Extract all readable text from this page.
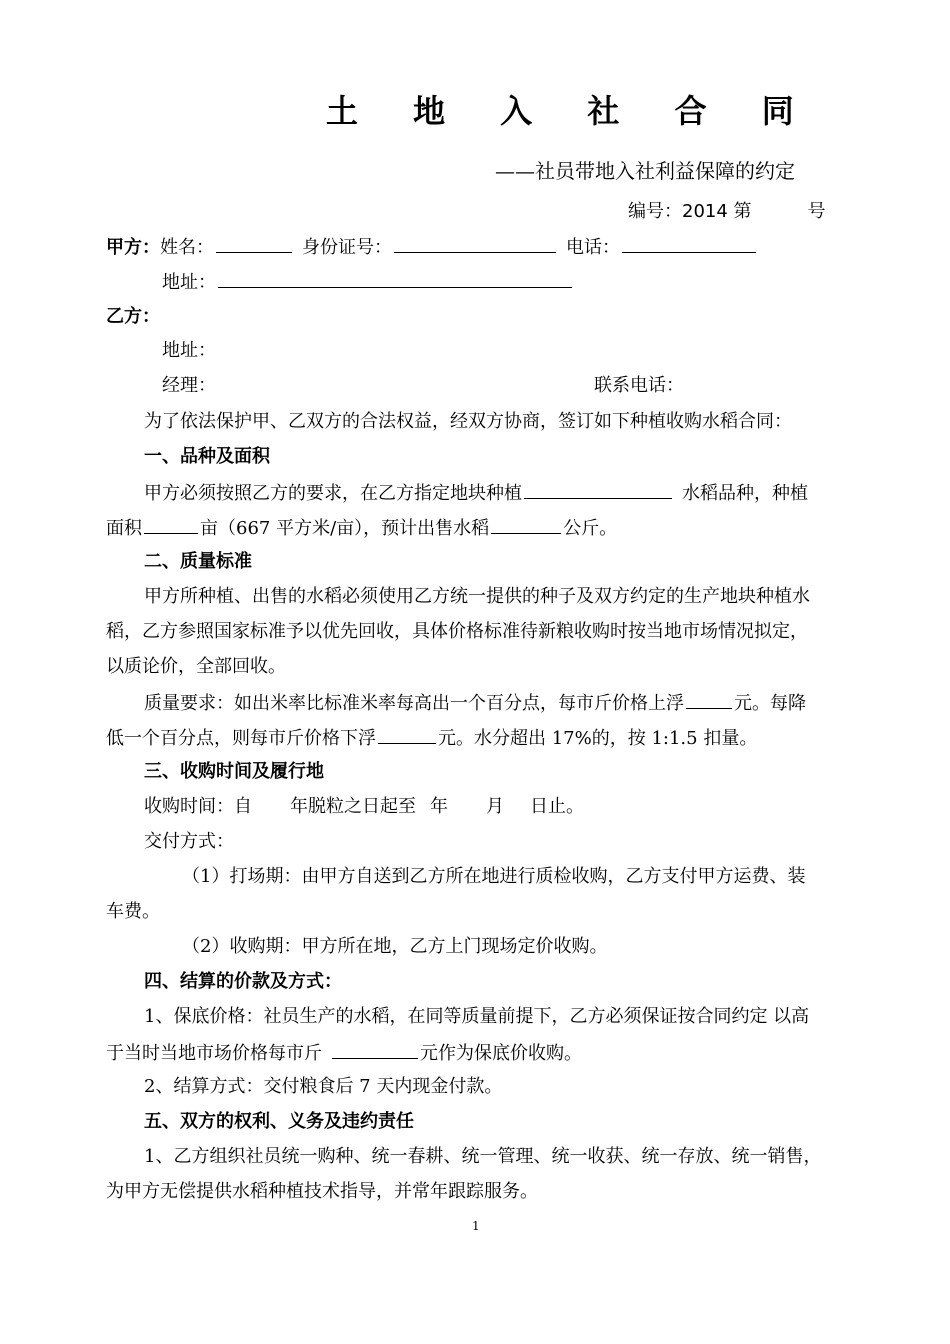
土 地 入 社 合 同
——社员带地入社利益保障的约定
编号：2014 第	号
甲方：姓名：	身份证号：	电话：
地址：
乙方：
地址：
经理：	联系电话：
为了依法保护甲、乙双方的合法权益，经双方协商，签订如下种植收购水稻合同：
一、品种及面积
甲方必须按照乙方的要求，在乙方指定地块种植	水稻品种，种植
面积	亩（667 平方米/亩），预计出售水稻	公斤。
二、质量标准
甲方所种植、出售的水稻必须使用乙方统一提供的种子及双方约定的生产地块种植水
稻，乙方参照国家标准予以优先回收，具体价格标准待新粮收购时按当地市场情况拟定，
以质论价，全部回收。
质量要求：如出米率比标准米率每高出一个百分点，每市斤价格上浮	元。每降
低一个百分点，则每市斤价格下浮	元。水分超出 17%的，按 1:1.5 扣量。
三、收购时间及履行地
收购时间：自 年脱粒之日起至 年 月 日止。
交付方式：
（1）打场期：由甲方自送到乙方所在地进行质检收购，乙方支付甲方运费、装
车费。
（2）收购期：甲方所在地，乙方上门现场定价收购。
四、结算的价款及方式：
1、保底价格：社员生产的水稻，在同等质量前提下，乙方必须保证按合同约定 以高
于当时当地市场价格每市斤	元作为保底价收购。
2、结算方式：交付粮食后 7 天内现金付款。
五、双方的权利、义务及违约责任
1、乙方组织社员统一购种、统一春耕、统一管理、统一收获、统一存放、统一销售，
为甲方无偿提供水稻种植技术指导，并常年跟踪服务。
1
